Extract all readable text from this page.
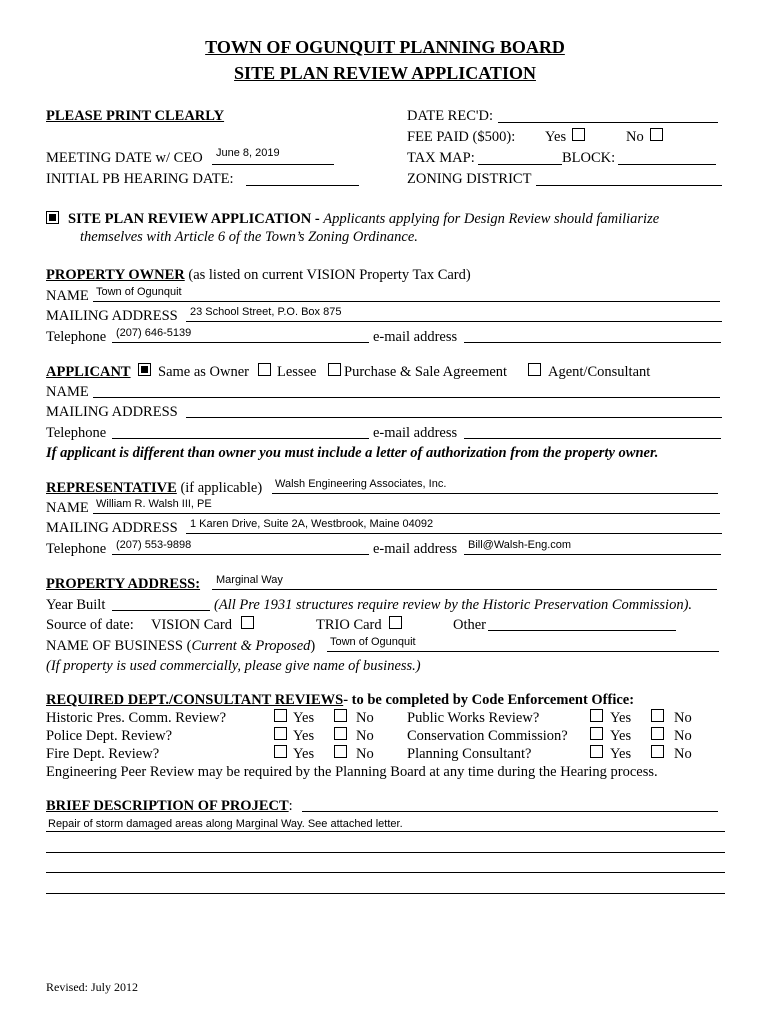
TOWN OF OGUNQUIT PLANNING BOARD
SITE PLAN REVIEW APPLICATION
PLEASE PRINT CLEARLY
MEETING DATE w/ CEO June 8, 2019
INITIAL PB HEARING DATE:
DATE REC'D:
FEE PAID ($500): Yes	No
TAX MAP:	BLOCK:
ZONING DISTRICT
SITE PLAN REVIEW APPLICATION - Applicants applying for Design Review should familiarize
themselves with Article 6 of the Town’s Zoning Ordinance.
PROPERTY OWNER (as listed on current VISION Property Tax Card)
NAME Town of Ogunquit
MAILING ADDRESS 23 School Street, P.O. Box 875
Telephone (207) 646-5139	e-mail address
APPLICANT Same as Owner Lessee Purchase & Sale Agreement	Agent/Consultant
NAME
MAILING ADDRESS
Telephone	e-mail address
If applicant is different than owner you must include a letter of authorization from the property owner.
REPRESENTATIVE (if applicable) Walsh Engineering Associates, Inc.
NAME William R. Walsh III, PE
MAILING ADDRESS 1 Karen Drive, Suite 2A, Westbrook, Maine 04092
Telephone (207) 553-9898	e-mail address Bill@Walsh-Eng.com
PROPERTY ADDRESS: Marginal Way
Year Built	(All Pre 1931 structures require review by the Historic Preservation Commission).
Source of date: VISION Card	TRIO Card	Other
NAME OF BUSINESS (Current & Proposed) Town of Ogunquit
(If property is used commercially, please give name of business.)
REQUIRED DEPT./CONSULTANT REVIEWS- to be completed by Code Enforcement Office:
Historic Pres. Comm. Review?	Yes	No Public Works Review?	Yes	No
Police Dept. Review?	Yes	No Conservation Commission?	Yes	No
Fire Dept. Review?	Yes	No Planning Consultant?	Yes	No
Engineering Peer Review may be required by the Planning Board at any time during the Hearing process.
BRIEF DESCRIPTION OF PROJECT:
Repair of storm damaged areas along Marginal Way. See attached letter.
Revised: July 2012
